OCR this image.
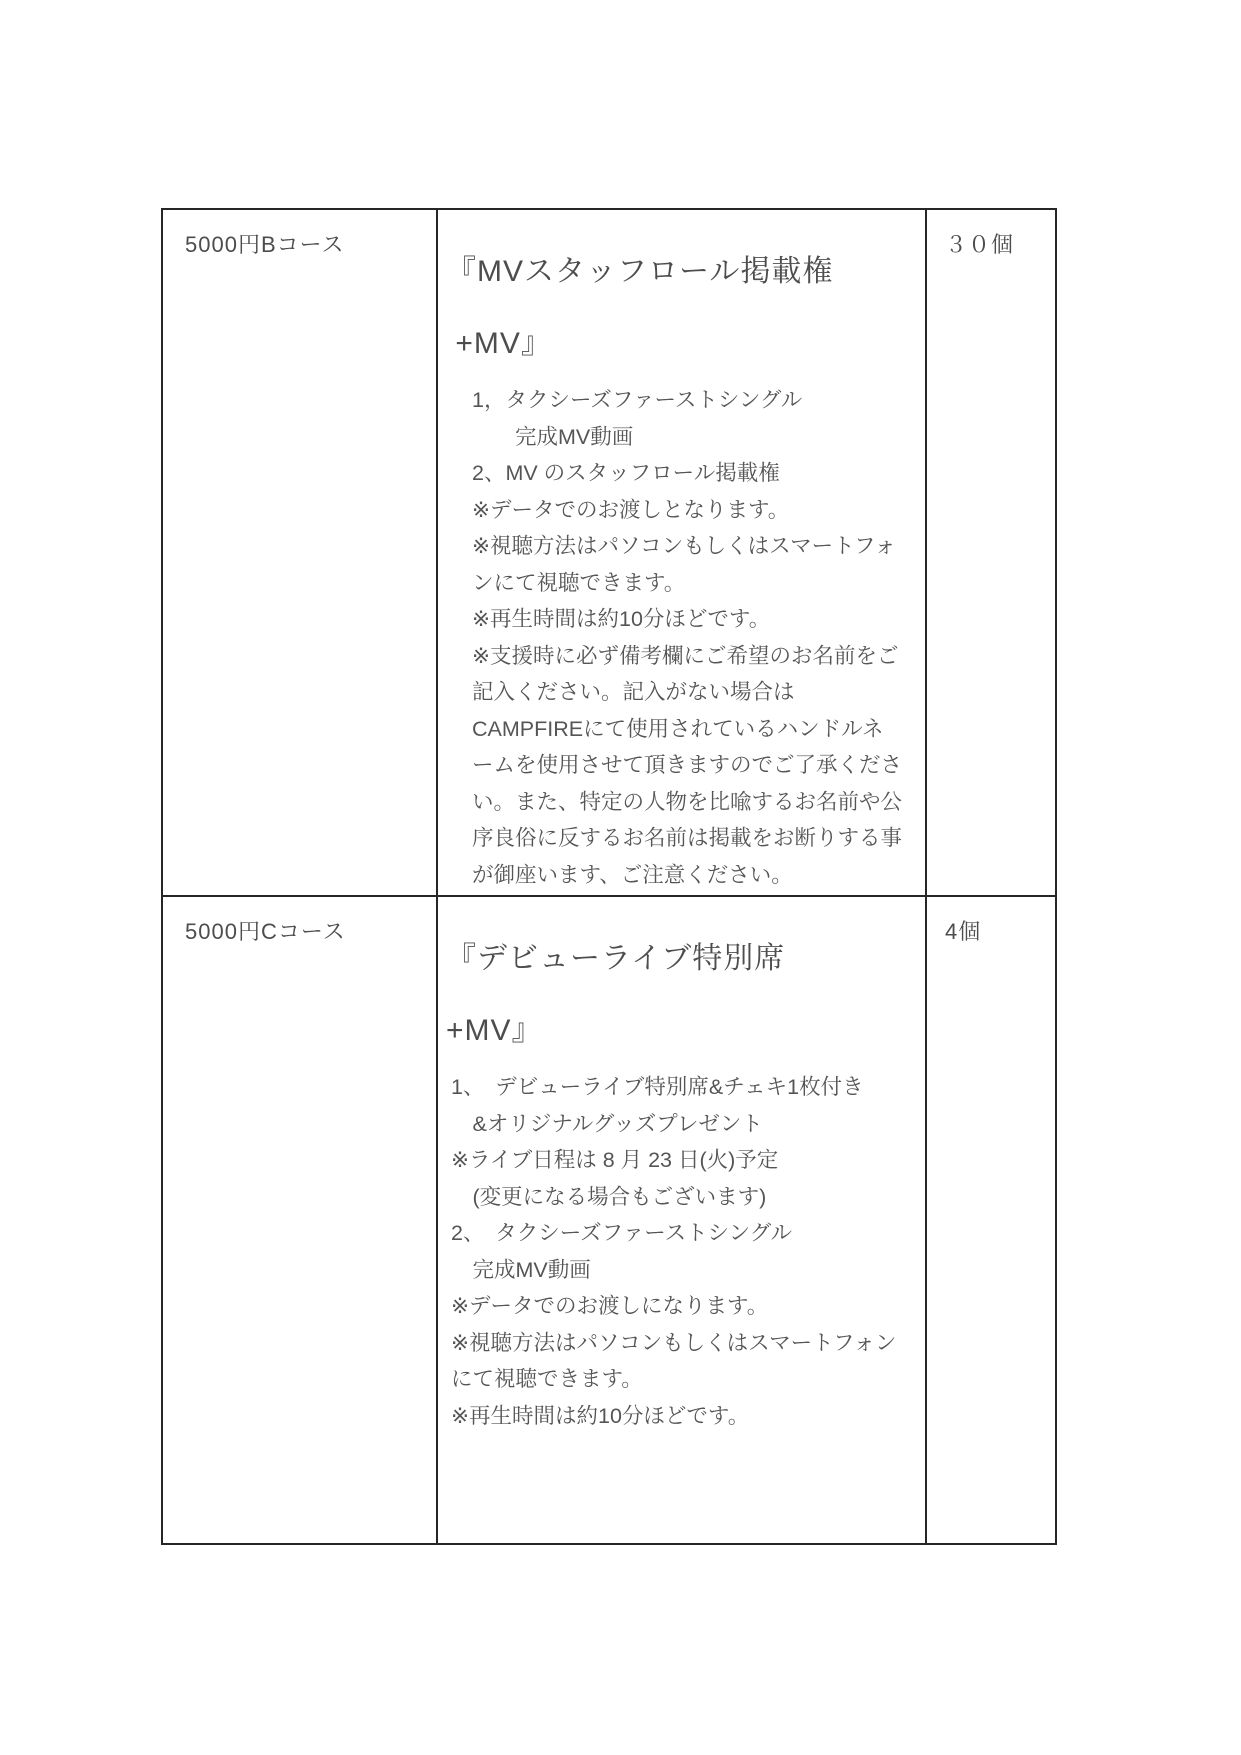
5000円Bコース
『MVスタッフロール掲載権
+MV』
1，タクシーズファーストシングル
　　完成MV動画
2、MV のスタッフロール掲載権
※データでのお渡しとなります。
※視聴方法はパソコンもしくはスマートフォ
ンにて視聴できます。
※再生時間は約10分ほどです。
※支援時に必ず備考欄にご希望のお名前をご
記入ください。記入がない場合は
CAMPFIREにて使用されているハンドルネ
ームを使用させて頂きますのでご了承くださ
い。また、特定の人物を比喩するお名前や公
序良俗に反するお名前は掲載をお断りする事
が御座います、ご注意ください。
３０個
5000円Cコース
『デビューライブ特別席
+MV』
1、　デビューライブ特別席&チェキ1枚付き
　&オリジナルグッズプレゼント
※ライブ日程は 8 月 23 日(火)予定
　(変更になる場合もございます)
2、　タクシーズファーストシングル
　完成MV動画
※データでのお渡しになります。
※視聴方法はパソコンもしくはスマートフォン
にて視聴できます。
※再生時間は約10分ほどです。
4個
